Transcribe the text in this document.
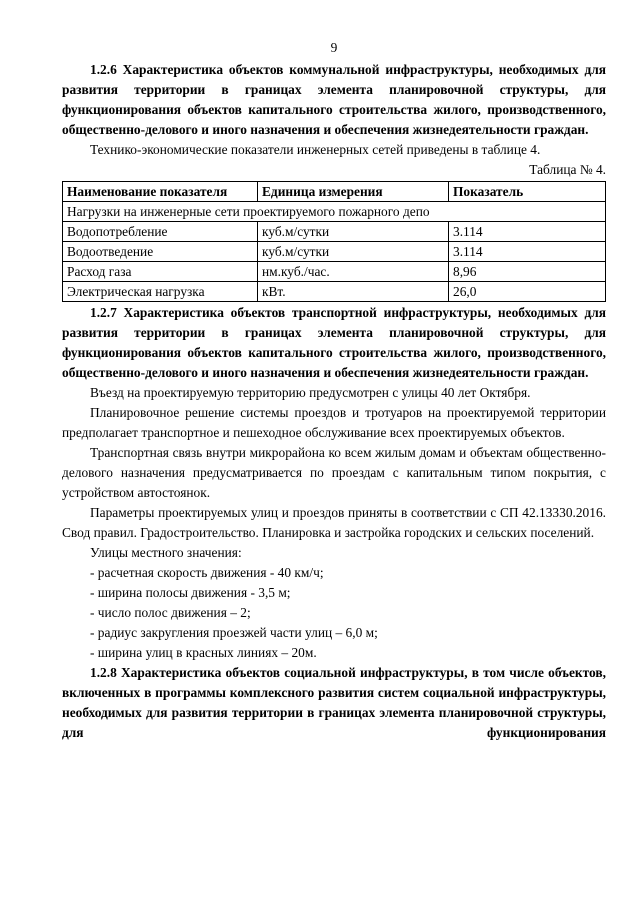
9

1.2.6 Характеристика объектов коммунальной инфраструктуры, необходимых для развития территории в границах элемента планировочной структуры, для функционирования объектов капитального строительства жилого, производственного, общественно-делового и иного назначения и обеспечения жизнедеятельности граждан.

Технико-экономические показатели инженерных сетей приведены в таблице 4.

Таблица № 4.

Наименование показателя	Единица измерения	Показатель
Нагрузки на инженерные сети проектируемого пожарного депо		
Водопотребление	куб.м/сутки	3.114
Водоотведение	куб.м/сутки	3.114
Расход газа	нм.куб./час.	8,96
Электрическая нагрузка	кВт.	26,0

1.2.7 Характеристика объектов транспортной инфраструктуры, необходимых для развития территории в границах элемента планировочной структуры, для функционирования объектов капитального строительства жилого, производственного, общественно-делового и иного назначения и обеспечения жизнедеятельности граждан.

Въезд на проектируемую территорию предусмотрен с улицы 40 лет Октября.

Планировочное решение системы проездов и тротуаров на проектируемой территории предполагает транспортное и пешеходное обслуживание всех проектируемых объектов.

Транспортная связь внутри микрорайона ко всем жилым домам и объектам общественно-делового назначения предусматривается по проездам с капитальным типом покрытия, с устройством автостоянок.

Параметры проектируемых улиц и проездов приняты в соответствии с СП 42.13330.2016. Свод правил. Градостроительство. Планировка и застройка городских и сельских поселений.

Улицы местного значения:

- расчетная скорость движения - 40 км/ч;

- ширина полосы движения - 3,5 м;

- число полос движения – 2;

- радиус закругления проезжей части улиц – 6,0 м;

- ширина улиц в красных линиях – 20м.

1.2.8 Характеристика объектов социальной инфраструктуры, в том числе объектов, включенных в программы комплексного развития систем социальной инфраструктуры, необходимых для развития территории в границах элемента планировочной структуры, для функционирования
